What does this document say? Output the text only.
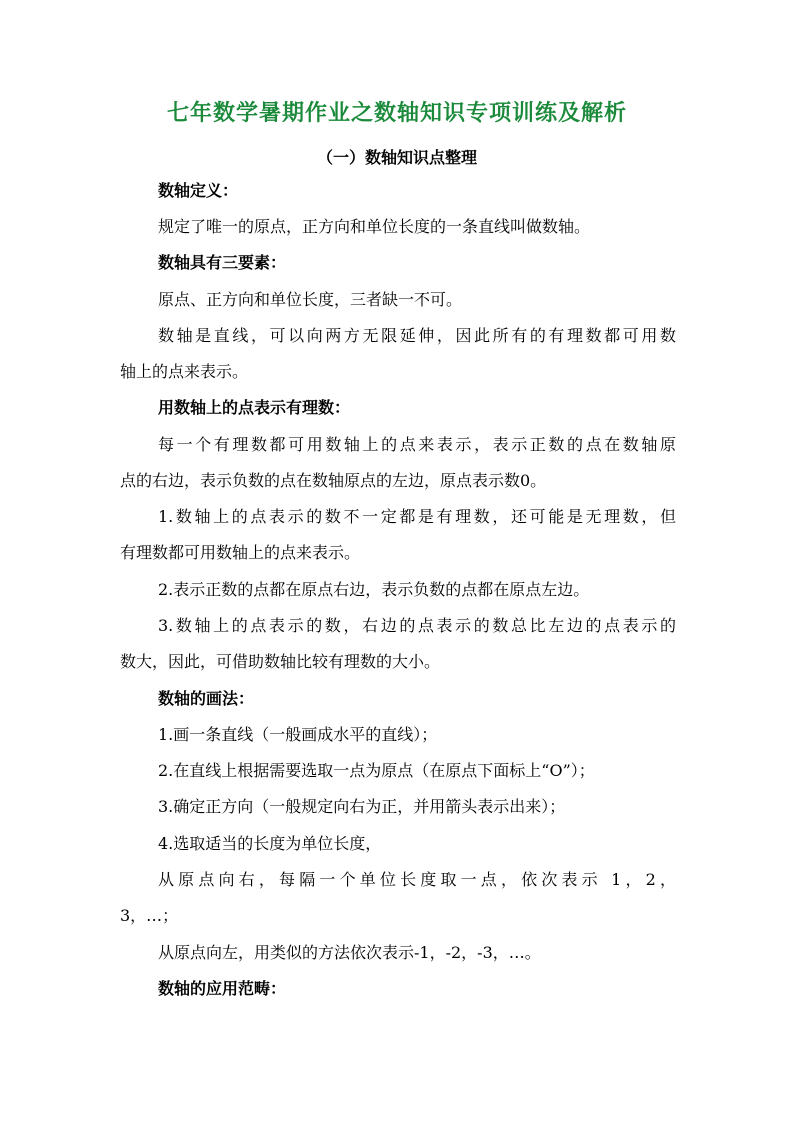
七年数学暑期作业之数轴知识专项训练及解析
（一）数轴知识点整理
数轴定义：
规定了唯一的原点，正方向和单位长度的一条直线叫做数轴。
数轴具有三要素：
原点、正方向和单位长度，三者缺一不可。
数轴是直线，可以向两方无限延伸，因此所有的有理数都可用数
轴上的点来表示。
用数轴上的点表示有理数：
每一个有理数都可用数轴上的点来表示，表示正数的点在数轴原
点的右边，表示负数的点在数轴原点的左边，原点表示数0。
1.数轴上的点表示的数不一定都是有理数，还可能是无理数，但
有理数都可用数轴上的点来表示。
2.表示正数的点都在原点右边，表示负数的点都在原点左边。
3.数轴上的点表示的数，右边的点表示的数总比左边的点表示的
数大，因此，可借助数轴比较有理数的大小。
数轴的画法：
1.画一条直线（一般画成水平的直线）；
2.在直线上根据需要选取一点为原点（在原点下面标上“O”）；
3.确定正方向（一般规定向右为正，并用箭头表示出来）；
4.选取适当的长度为单位长度，
从原点向右，每隔一个单位长度取一点，依次表示 1，2，
3，…；
从原点向左，用类似的方法依次表示-1，-2，-3，…。
数轴的应用范畴：
